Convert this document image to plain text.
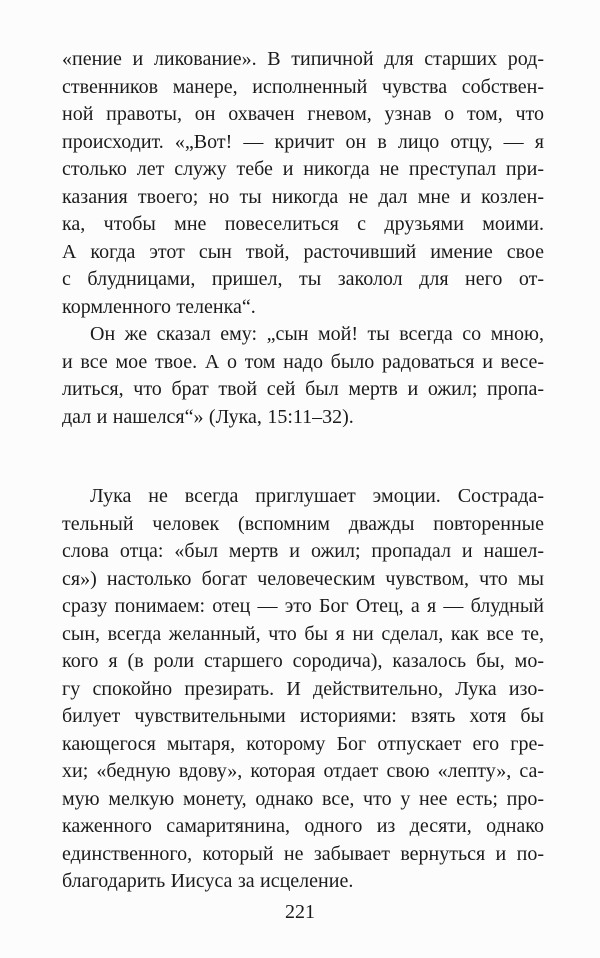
«пение и ликование». В типичной для старших род-
ственников манере, исполненный чувства собствен-
ной правоты, он охвачен гневом, узнав о том, что
происходит. «„Вот! — кричит он в лицо отцу, — я
столько лет служу тебе и никогда не преступал при-
казания твоего; но ты никогда не дал мне и козлен-
ка, чтобы мне повеселиться с друзьями моими.
А когда этот сын твой, расточивший имение свое
с блудницами, пришел, ты заколол для него от-
кормленного теленка“.
Он же сказал ему: „сын мой! ты всегда со мною,
и все мое твое. А о том надо было радоваться и весе-
литься, что брат твой сей был мертв и ожил; пропа-
дал и нашелся“» (Лука, 15:11–32).
Лука не всегда приглушает эмоции. Сострада-
тельный человек (вспомним дважды повторенные
слова отца: «был мертв и ожил; пропадал и нашел-
ся») настолько богат человеческим чувством, что мы
сразу понимаем: отец — это Бог Отец, а я — блудный
сын, всегда желанный, что бы я ни сделал, как все те,
кого я (в роли старшего сородича), казалось бы, мо-
гу спокойно презирать. И действительно, Лука изо-
билует чувствительными историями: взять хотя бы
кающегося мытаря, которому Бог отпускает его гре-
хи; «бедную вдову», которая отдает свою «лепту», са-
мую мелкую монету, однако все, что у нее есть; про-
каженного самаритянина, одного из десяти, однако
единственного, который не забывает вернуться и по-
благодарить Иисуса за исцеление.
221
